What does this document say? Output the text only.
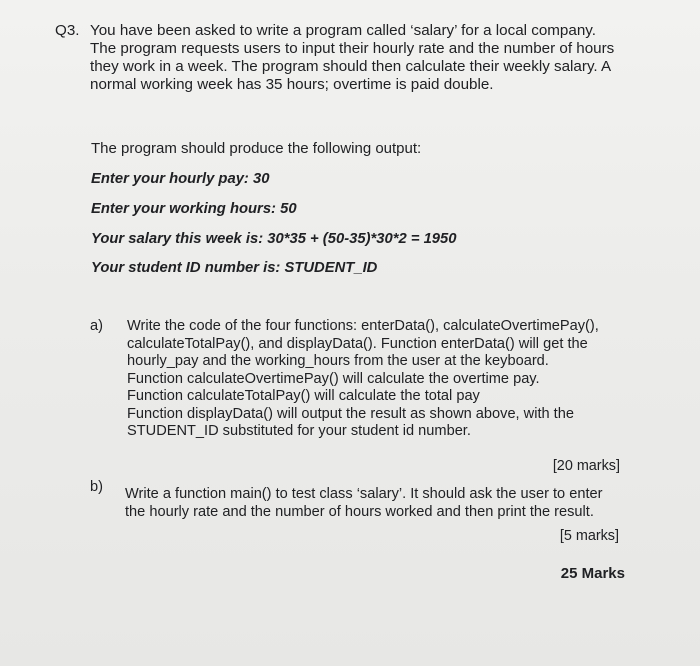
Q3. You have been asked to write a program called ‘salary’ for a local company.
The program requests users to input their hourly rate and the number of hours
they work in a week. The program should then calculate their weekly salary. A
normal working week has 35 hours; overtime is paid double.
The program should produce the following output:
Enter your hourly pay: 30
Enter your working hours: 50
Your salary this week is: 30*35 + (50-35)*30*2 = 1950
Your student ID number is: STUDENT_ID
a) Write the code of the four functions: enterData(), calculateOvertimePay(),
calculateTotalPay(), and displayData(). Function enterData() will get the
hourly_pay and the working_hours from the user at the keyboard.
Function calculateOvertimePay() will calculate the overtime pay.
Function calculateTotalPay() will calculate the total pay
Function displayData() will output the result as shown above, with the
STUDENT_ID substituted for your student id number.
[20 marks]
b) Write a function main() to test class ‘salary’. It should ask the user to enter
the hourly rate and the number of hours worked and then print the result.
[5 marks]
25 Marks
